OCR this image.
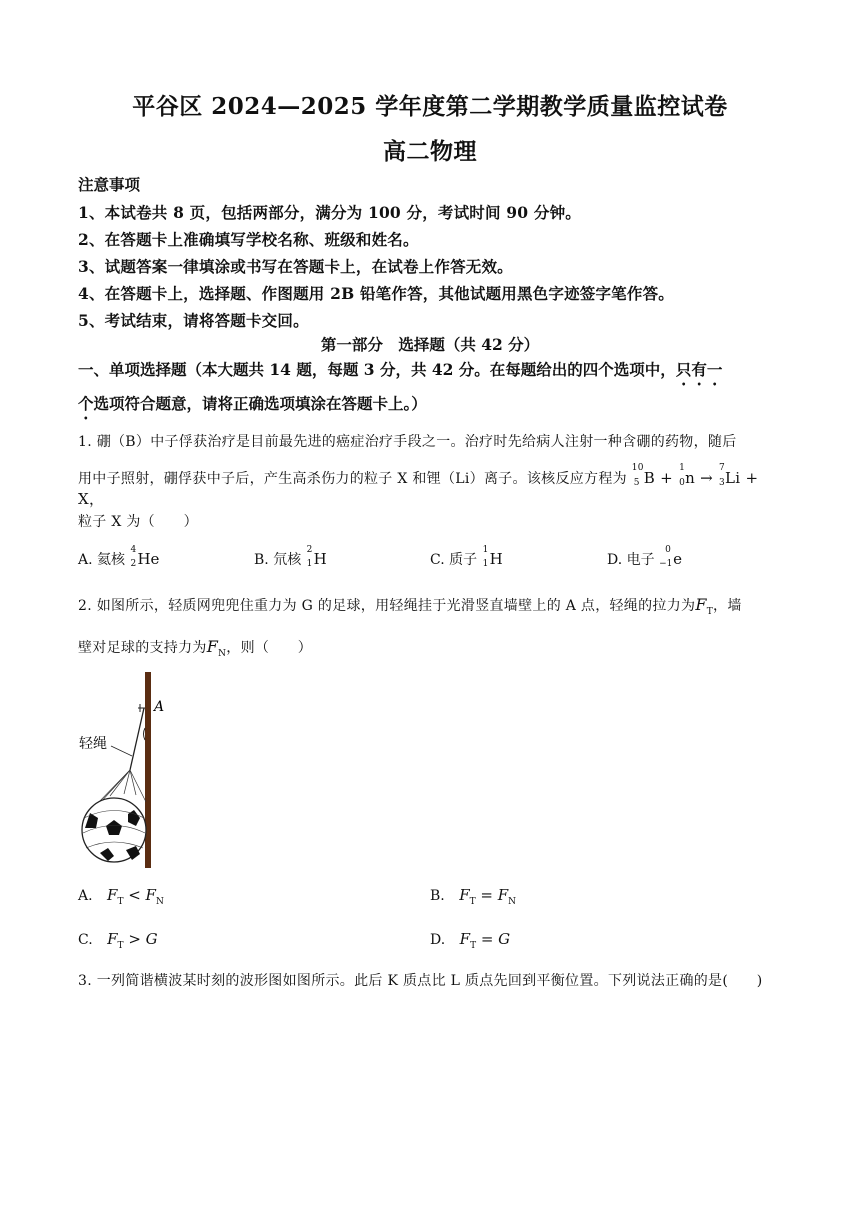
平谷区 2024—2025 学年度第二学期教学质量监控试卷
高二物理
注意事项
1、本试卷共 8 页，包括两部分，满分为 100 分，考试时间 90 分钟。
2、在答题卡上准确填写学校名称、班级和姓名。
3、试题答案一律填涂或书写在答题卡上，在试卷上作答无效。
4、在答题卡上，选择题、作图题用 2B 铅笔作答，其他试题用黑色字迹签字笔作答。
5、考试结束，请将答题卡交回。
第一部分　选择题（共 42 分）
一、单项选择题（本大题共 14 题，每题 3 分，共 42 分。在每题给出的四个选项中，只有一
个选项符合题意，请将正确选项填涂在答题卡上。）
1. 硼（B）中子俘获治疗是目前最先进的癌症治疗手段之一。治疗时先给病人注射一种含硼的药物，随后
用中子照射，硼俘获中子后，产生高杀伤力的粒子 X 和锂（Li）离子。该核反应方程为
10
5 B +
1
0 n →
7
3 Li + X，
粒子 X 为（　　）
A. 氦核
4
2 He	B. 氘核
2
1 H	C. 质子
1
1 H	D. 电子
0
−1 e
2. 如图所示，轻质网兜兜住重力为 G 的足球，用轻绳挂于光滑竖直墙壁上的 A 点，轻绳的拉力为$F_T$，墙
壁对足球的支持力为$F_N$，则（　　）
A
轻绳
A. $F_T < F_N$	B. $F_T = F_N$
C. $F_T > G$	D. $F_T = G$
3. 一列简谐横波某时刻的波形图如图所示。此后 K 质点比 L 质点先回到平衡位置。下列说法正确的是(　　)
